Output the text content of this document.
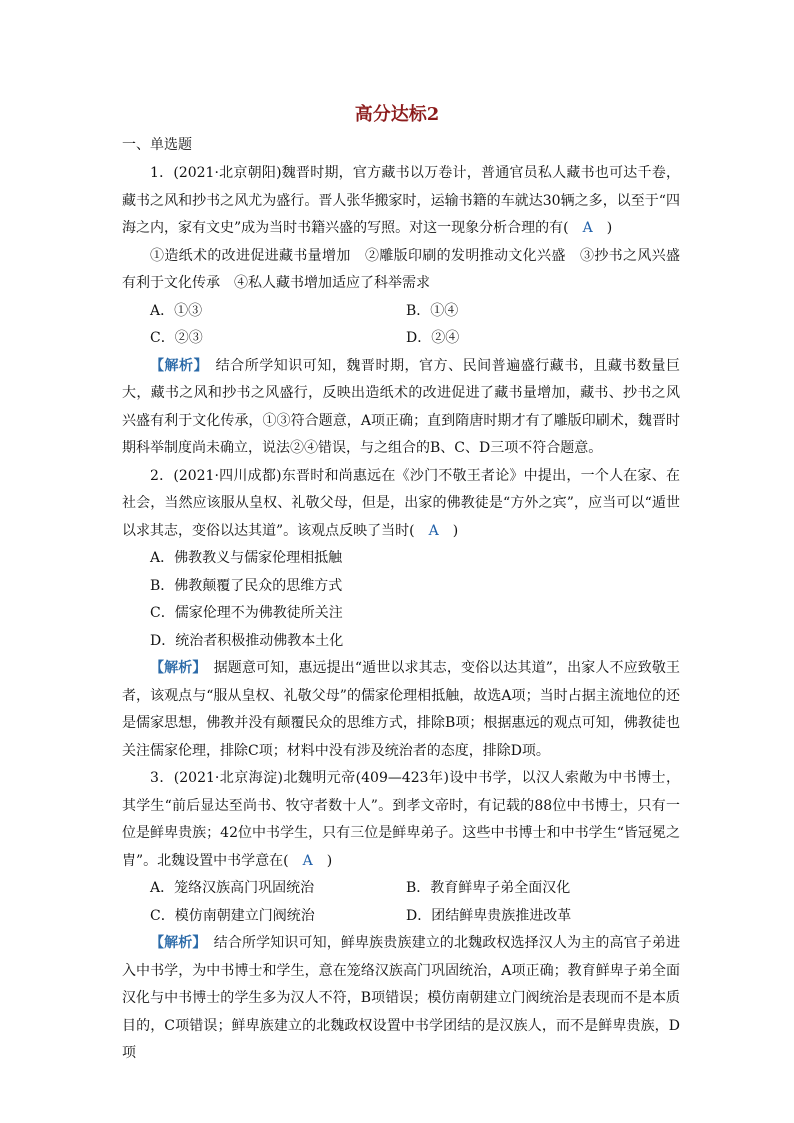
高分达标2
一、单选题

1．(2021·北京朝阳)魏晋时期，官方藏书以万卷计，普通官员私人藏书也可达千卷，藏书之风和抄书之风尤为盛行。晋人张华搬家时，运输书籍的车就达30辆之多，以至于“四海之内，家有文史”成为当时书籍兴盛的写照。对这一现象分析合理的有(　 A　 )

①造纸术的改进促进藏书量增加　②雕版印刷的发明推动文化兴盛　③抄书之风兴盛有利于文化传承　④私人藏书增加适应了科举需求

A．①③	B．①④
C．②③	D．②④

【解析】　 结合所学知识可知，魏晋时期，官方、民间普遍盛行藏书，且藏书数量巨大，藏书之风和抄书之风盛行，反映出造纸术的改进促进了藏书量增加，藏书、抄书之风兴盛有利于文化传承，①③符合题意，A项正确；直到隋唐时期才有了雕版印刷术，魏晋时期科举制度尚未确立，说法②④错误，与之组合的B、C、D三项不符合题意。

2．(2021·四川成都)东晋时和尚惠远在《沙门不敬王者论》中提出，一个人在家、在社会，当然应该服从皇权、礼敬父母，但是，出家的佛教徒是“方外之宾”，应当可以“遁世以求其志，变俗以达其道”。该观点反映了当时(　 A　 )

A．佛教教义与儒家伦理相抵触

B．佛教颠覆了民众的思维方式

C．儒家伦理不为佛教徒所关注

D．统治者积极推动佛教本土化

【解析】　 据题意可知，惠远提出“遁世以求其志，变俗以达其道”，出家人不应致敬王者，该观点与“服从皇权、礼敬父母”的儒家伦理相抵触，故选A项；当时占据主流地位的还是儒家思想，佛教并没有颠覆民众的思维方式，排除B项；根据惠远的观点可知，佛教徒也关注儒家伦理，排除C项；材料中没有涉及统治者的态度，排除D项。

3．(2021·北京海淀)北魏明元帝(409—423年)设中书学，以汉人索敞为中书博士，其学生“前后显达至尚书、牧守者数十人”。到孝文帝时，有记载的88位中书博士，只有一位是鲜卑贵族；42位中书学生，只有三位是鲜卑弟子。这些中书博士和中书学生“皆冠冕之胄”。北魏设置中书学意在(　 A　 )

A．笼络汉族高门巩固统治	B．教育鲜卑子弟全面汉化
C．模仿南朝建立门阀统治	D．团结鲜卑贵族推进改革

【解析】　 结合所学知识可知，鲜卑族贵族建立的北魏政权选择汉人为主的高官子弟进入中书学，为中书博士和学生，意在笼络汉族高门巩固统治，A项正确；教育鲜卑子弟全面汉化与中书博士的学生多为汉人不符，B项错误；模仿南朝建立门阀统治是表现而不是本质目的，C项错误；鲜卑族建立的北魏政权设置中书学团结的是汉族人，而不是鲜卑贵族，D项
